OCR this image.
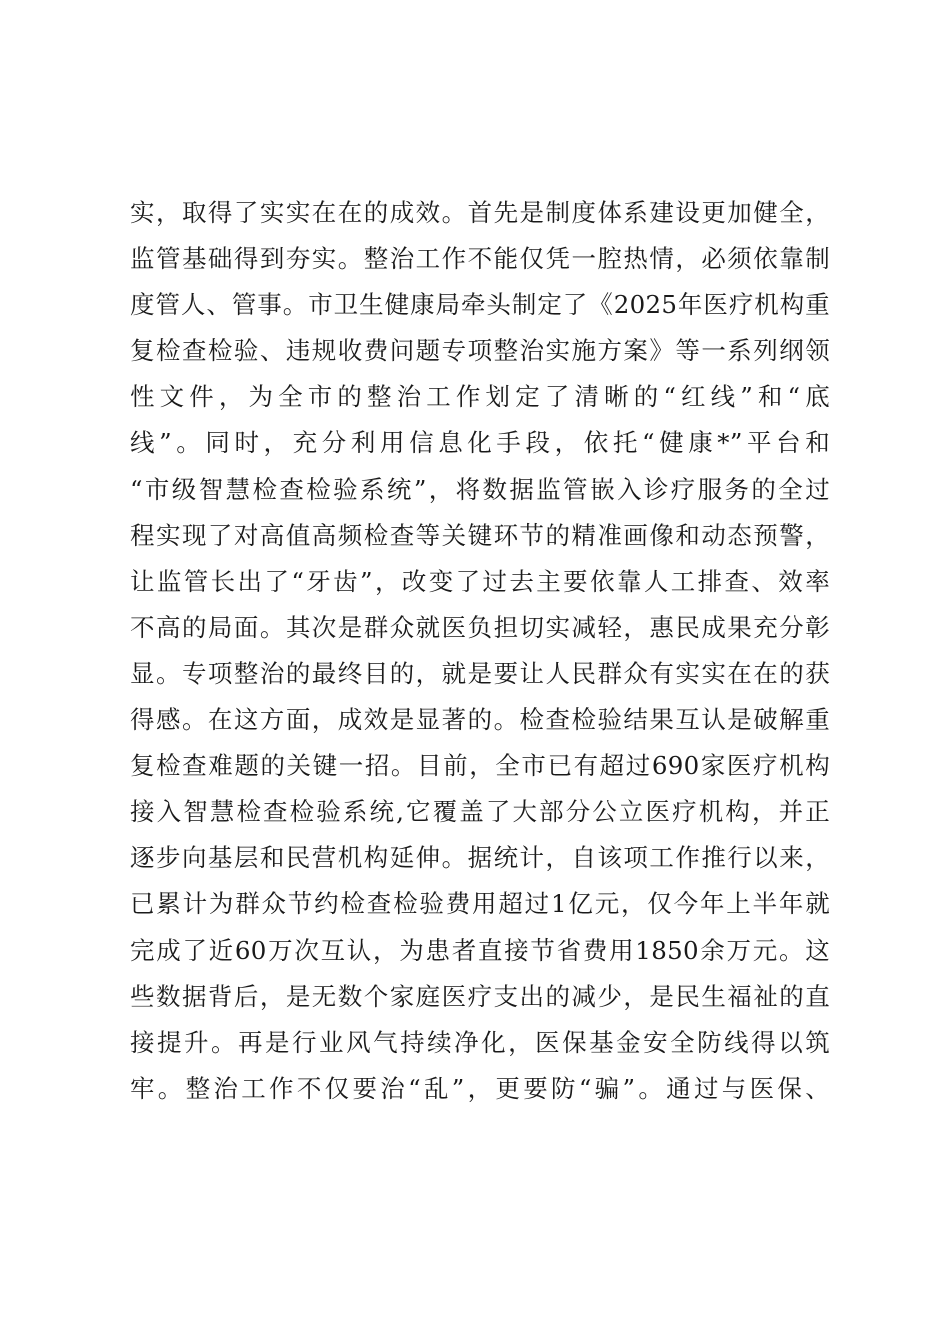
实，取得了实实在在的成效。首先是制度体系建设更加健全，
监管基础得到夯实。整治工作不能仅凭一腔热情，必须依靠制
度管人、管事。市卫生健康局牵头制定了《2025年医疗机构重
复检查检验、违规收费问题专项整治实施方案》等一系列纲领
性文件，为全市的整治工作划定了清晰的“红线”和“底
线”。同时，充分利用信息化手段，依托“健康*”平台和
“市级智慧检查检验系统”，将数据监管嵌入诊疗服务的全过
程实现了对高值高频检查等关键环节的精准画像和动态预警，
让监管长出了“牙齿”，改变了过去主要依靠人工排查、效率
不高的局面。其次是群众就医负担切实减轻，惠民成果充分彰
显。专项整治的最终目的，就是要让人民群众有实实在在的获
得感。在这方面，成效是显著的。检查检验结果互认是破解重
复检查难题的关键一招。目前，全市已有超过690家医疗机构
接入智慧检查检验系统,它覆盖了大部分公立医疗机构，并正
逐步向基层和民营机构延伸。据统计，自该项工作推行以来，
已累计为群众节约检查检验费用超过1亿元，仅今年上半年就
完成了近60万次互认，为患者直接节省费用1850余万元。这
些数据背后，是无数个家庭医疗支出的减少，是民生福祉的直
接提升。再是行业风气持续净化，医保基金安全防线得以筑
牢。整治工作不仅要治“乱”，更要防“骗”。通过与医保、
